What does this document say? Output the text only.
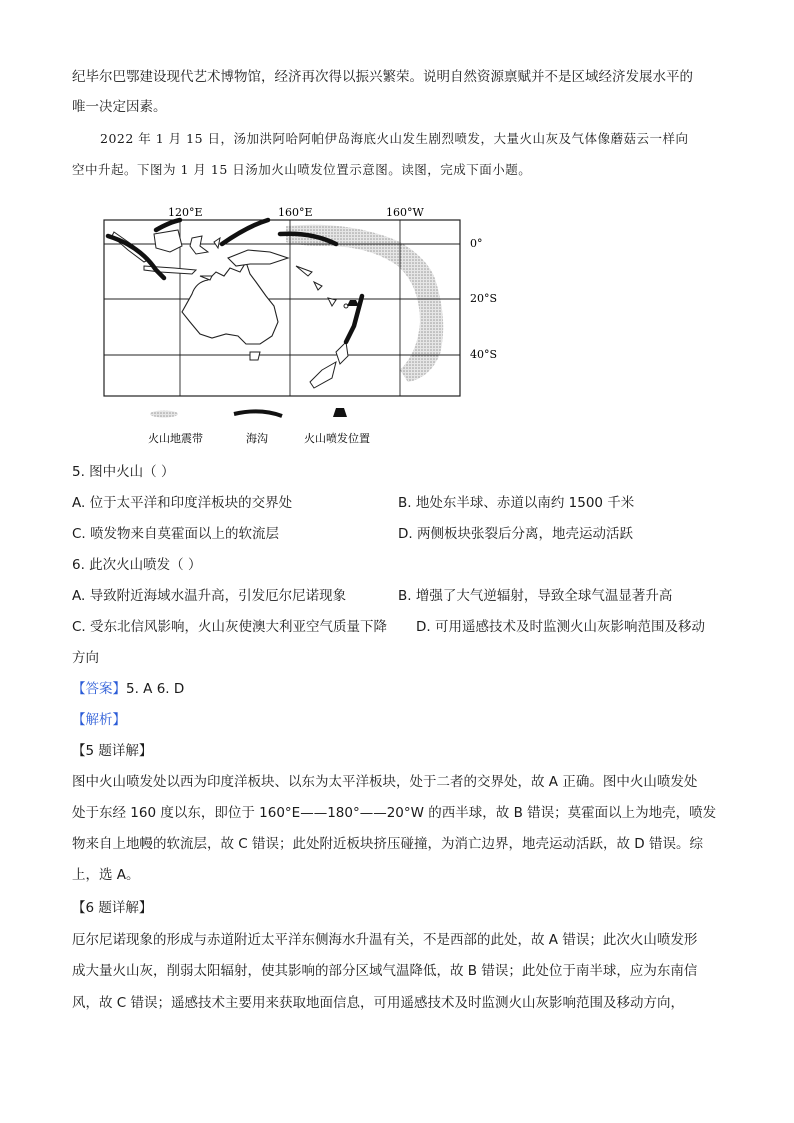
纪毕尔巴鄂建设现代艺术博物馆，经济再次得以振兴繁荣。说明自然资源禀赋并不是区域经济发展水平的

唯一决定因素。

2022 年 1 月 15 日，汤加洪阿哈阿帕伊岛海底火山发生剧烈喷发，大量火山灰及气体像蘑菇云一样向

空中升起。下图为 1 月 15 日汤加火山喷发位置示意图。读图，完成下面小题。

120°E	160°E	160°W
0°
20°S
40°S
火山地震带	海沟	火山喷发位置

5. 图中火山（ ）

A. 位于太平洋和印度洋板块的交界处	B. 地处东半球、赤道以南约 1500 千米
C. 喷发物来自莫霍面以上的软流层	D. 两侧板块张裂后分离，地壳运动活跃

6. 此次火山喷发（ ）

A. 导致附近海域水温升高，引发厄尔尼诺现象	B. 增强了大气逆辐射，导致全球气温显著升高
C. 受东北信风影响，火山灰使澳大利亚空气质量下降 D. 可用遥感技术及时监测火山灰影响范围及移动

方向

【答案】5. A 6. D
【解析】

【5 题详解】

图中火山喷发处以西为印度洋板块、以东为太平洋板块，处于二者的交界处，故 A 正确。图中火山喷发处

处于东经 160 度以东，即位于 160°E——180°——20°W 的西半球，故 B 错误；莫霍面以上为地壳，喷发

物来自上地幔的软流层，故 C 错误；此处附近板块挤压碰撞，为消亡边界，地壳运动活跃，故 D 错误。综

上，选 A。

【6 题详解】

厄尔尼诺现象的形成与赤道附近太平洋东侧海水升温有关，不是西部的此处，故 A 错误；此次火山喷发形

成大量火山灰，削弱太阳辐射，使其影响的部分区域气温降低，故 B 错误；此处位于南半球，应为东南信

风，故 C 错误；遥感技术主要用来获取地面信息，可用遥感技术及时监测火山灰影响范围及移动方向，
